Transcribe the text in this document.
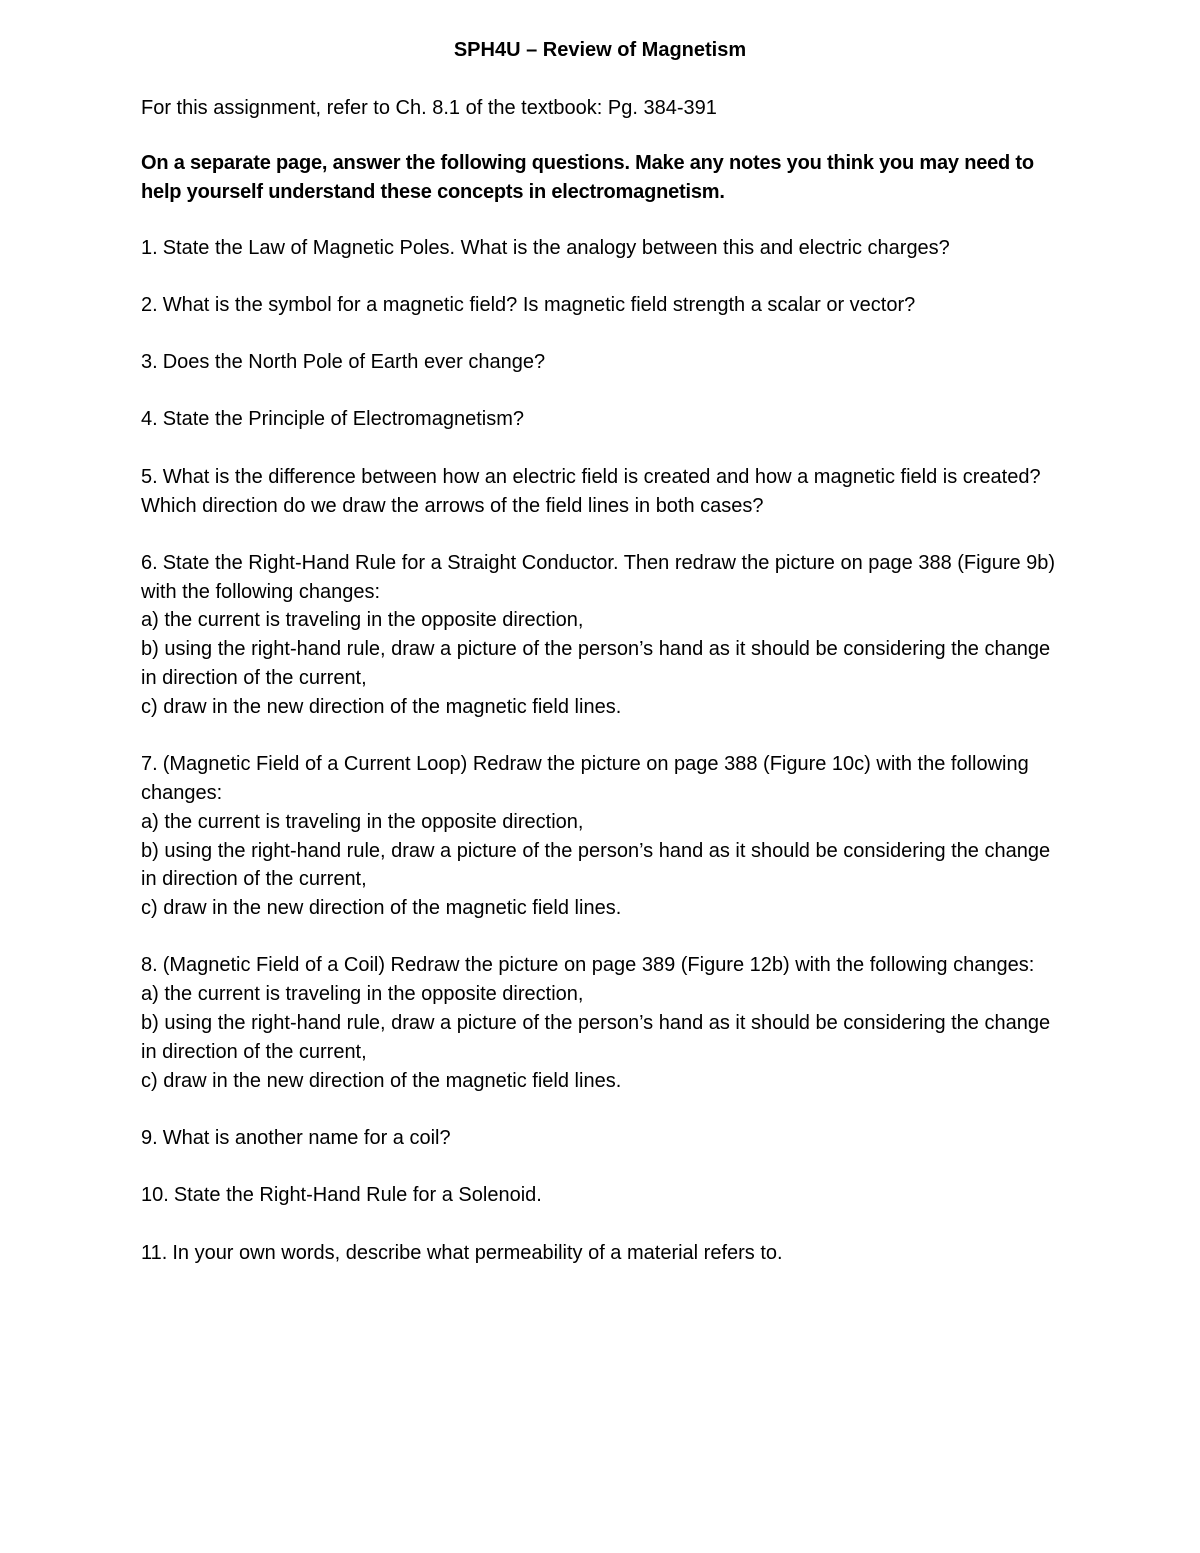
SPH4U – Review of Magnetism

For this assignment, refer to Ch. 8.1 of the textbook: Pg. 384-391

On a separate page, answer the following questions. Make any notes you think you may need to help yourself understand these concepts in electromagnetism.

1. State the Law of Magnetic Poles. What is the analogy between this and electric charges?
2. What is the symbol for a magnetic field? Is magnetic field strength a scalar or vector?
3. Does the North Pole of Earth ever change?
4. State the Principle of Electromagnetism?
5. What is the difference between how an electric field is created and how a magnetic field is created? Which direction do we draw the arrows of the field lines in both cases?
6. State the Right-Hand Rule for a Straight Conductor. Then redraw the picture on page 388 (Figure 9b) with the following changes:
a) the current is traveling in the opposite direction,
b) using the right-hand rule, draw a picture of the person’s hand as it should be considering the change in direction of the current,
c) draw in the new direction of the magnetic field lines.
7. (Magnetic Field of a Current Loop) Redraw the picture on page 388 (Figure 10c) with the following changes:
a) the current is traveling in the opposite direction,
b) using the right-hand rule, draw a picture of the person’s hand as it should be considering the change in direction of the current,
c) draw in the new direction of the magnetic field lines.
8. (Magnetic Field of a Coil) Redraw the picture on page 389 (Figure 12b) with the following changes:
a) the current is traveling in the opposite direction,
b) using the right-hand rule, draw a picture of the person’s hand as it should be considering the change in direction of the current,
c) draw in the new direction of the magnetic field lines.
9. What is another name for a coil?
10. State the Right-Hand Rule for a Solenoid.
11. In your own words, describe what permeability of a material refers to.
